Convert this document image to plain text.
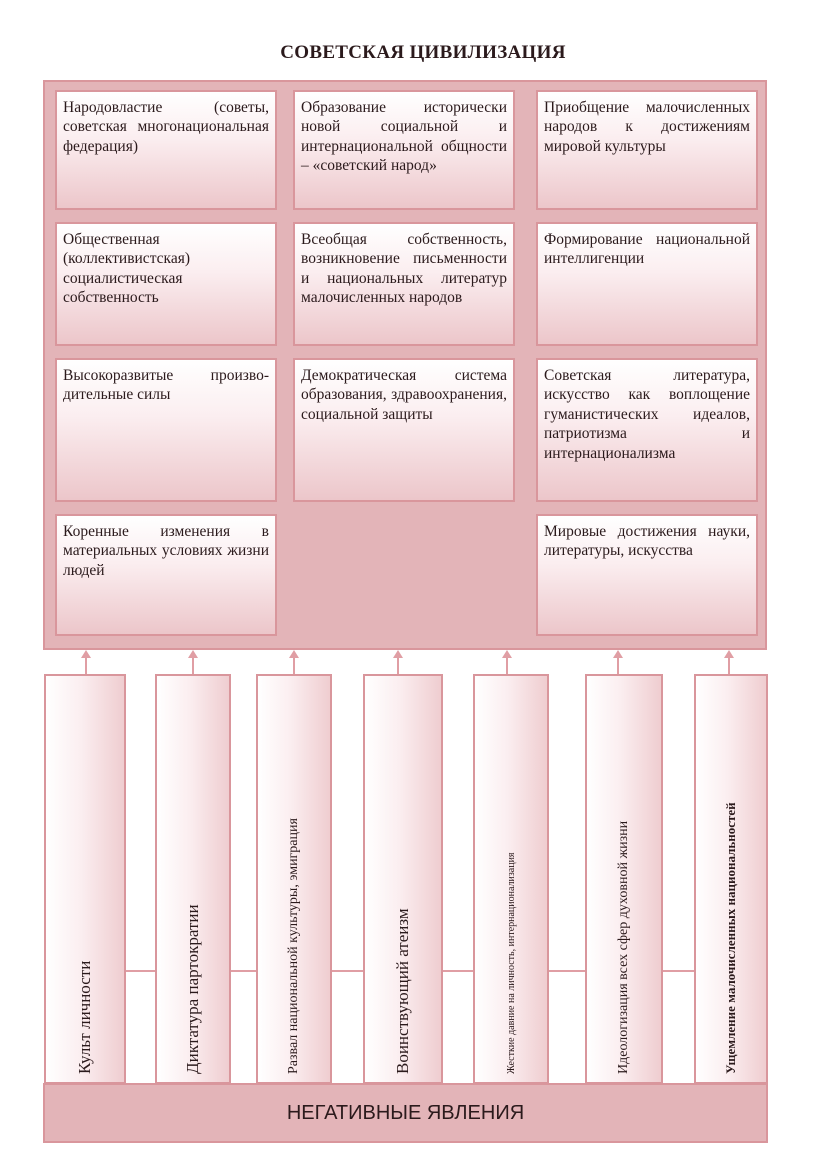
СОВЕТСКАЯ ЦИВИЛИЗАЦИЯ
Народовластие (советы, советская многонациональная федерация)
Общественная (коллективистская) социалистическая собственность
Высокоразвитые произво-дительные силы
Коренные изменения в материальных условиях жизни людей
Образование исторически новой социальной и интернациональной общности – «советский народ»
Всеобщая собственность, возникновение письменности и национальных литератур малочисленных народов
Демократическая система образования, здравоохранения, социальной защиты
Приобщение малочисленных народов к достижениям мировой культуры
Формирование национальной интеллигенции
Советская литература, искусство как воплощение гуманистических идеалов, патриотизма и интернационализма
Мировые достижения науки, литературы, искусства
Культ личности	Диктатура партократии	Развал национальной культуры, эмиграция	Воинствующий атеизм	Жесткие давние на личность, интернационализация	Идеологизация всех сфер духовной жизни	Ущемление малочисленных национальностей
НЕГАТИВНЫЕ ЯВЛЕНИЯ
